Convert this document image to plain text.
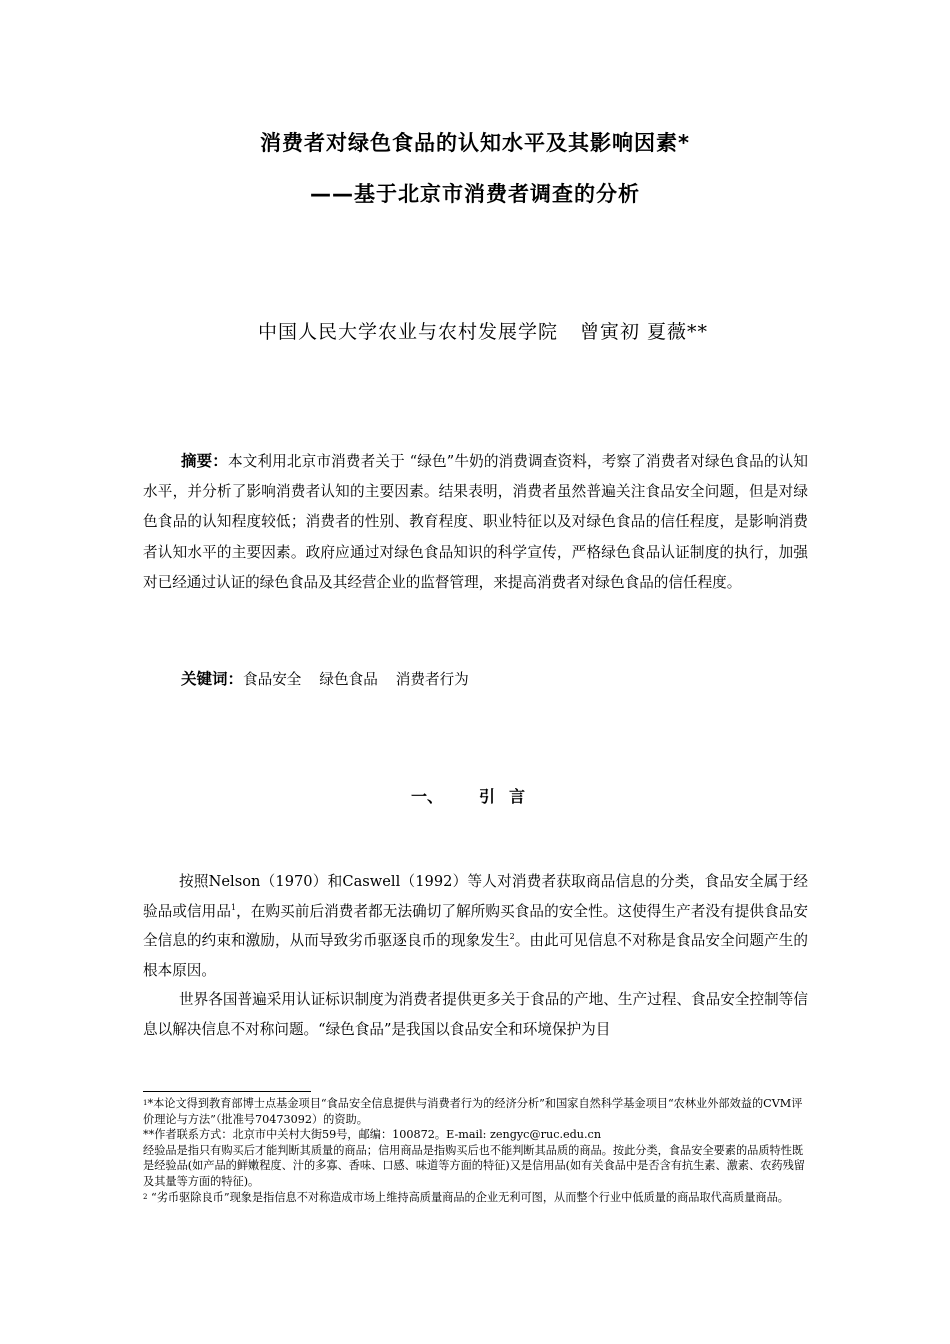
消费者对绿色食品的认知水平及其影响因素*
——基于北京市消费者调查的分析
中国人民大学农业与农村发展学院 曾寅初 夏薇**
摘要：本文利用北京市消费者关于 “绿色”牛奶的消费调查资料，考察了消费者对绿色食品的认知水平，并分析了影响消费者认知的主要因素。结果表明，消费者虽然普遍关注食品安全问题，但是对绿色食品的认知程度较低；消费者的性别、教育程度、职业特征以及对绿色食品的信任程度，是影响消费者认知水平的主要因素。政府应通过对绿色食品知识的科学宣传，严格绿色食品认证制度的执行，加强对已经通过认证的绿色食品及其经营企业的监督管理，来提高消费者对绿色食品的信任程度。
关键词：食品安全 绿色食品 消费者行为
一、 引言
按照Nelson（1970）和Caswell（1992）等人对消费者获取商品信息的分类，食品安全属于经验品或信用品$^1$，在购买前后消费者都无法确切了解所购买食品的安全性。这使得生产者没有提供食品安全信息的约束和激励，从而导致劣币驱逐良币的现象发生$^2$。由此可见信息不对称是食品安全问题产生的根本原因。
世界各国普遍采用认证标识制度为消费者提供更多关于食品的产地、生产过程、食品安全控制等信息以解决信息不对称问题。“绿色食品”是我国以食品安全和环境保护为目

$^1$*本论文得到教育部博士点基金项目“食品安全信息提供与消费者行为的经济分析”和国家自然科学基金项目“农林业外部效益的CVM评价理论与方法”（批准号70473092）的资助。

**作者联系方式：北京市中关村大街59号，邮编：100872。E-mail: zengyc@ruc.edu.cn

经验品是指只有购买后才能判断其质量的商品；信用商品是指购买后也不能判断其品质的商品。按此分类，食品安全要素的品质特性既是经验品(如产品的鲜嫩程度、汁的多寡、香味、口感、味道等方面的特征)又是信用品(如有关食品中是否含有抗生素、激素、农药残留及其量等方面的特征)。

$^2$ “劣币驱除良币”现象是指信息不对称造成市场上维持高质量商品的企业无利可图，从而整个行业中低质量的商品取代高质量商品。
